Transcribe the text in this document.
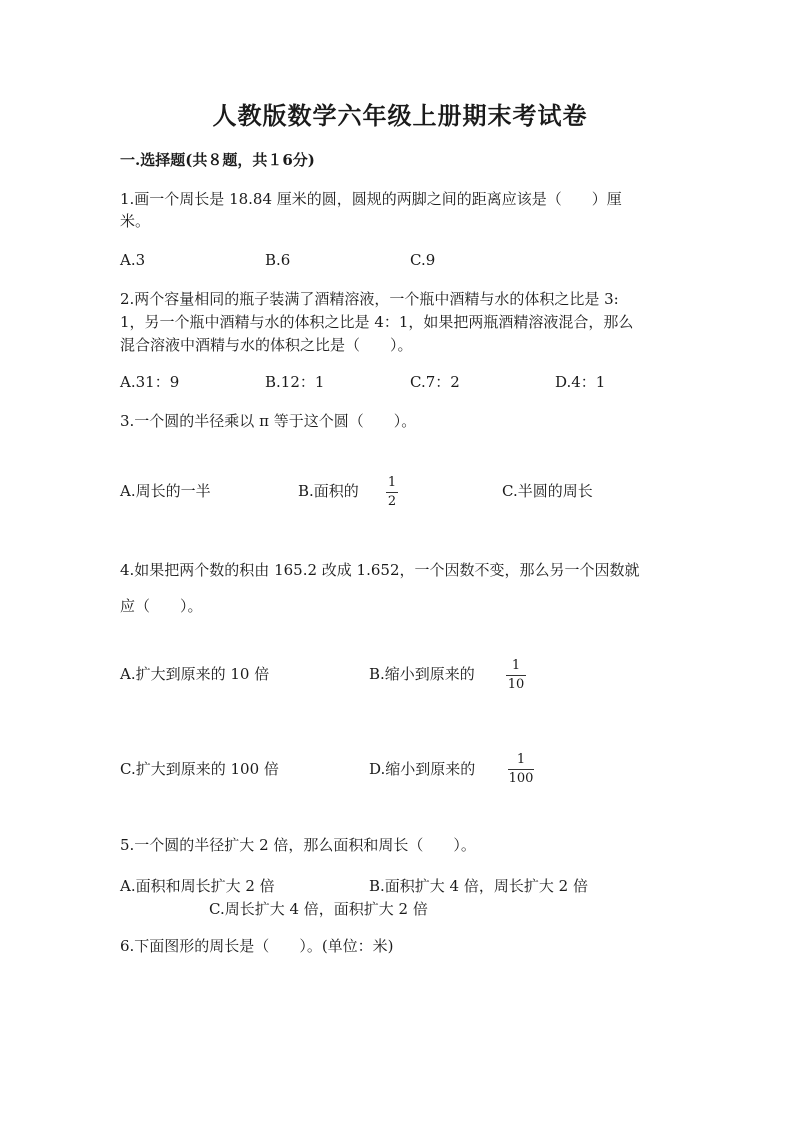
人教版数学六年级上册期末考试卷
一.选择题(共８题，共１6分)
1.画一个周长是 18.84 厘米的圆，圆规的两脚之间的距离应该是（　　）厘
米。
A.3	B.6	C.9
2.两个容量相同的瓶子装满了酒精溶液，一个瓶中酒精与水的体积之比是 3:
1，另一个瓶中酒精与水的体积之比是 4：1，如果把两瓶酒精溶液混合，那么
混合溶液中酒精与水的体积之比是（　　）。
A.31：9	B.12：1	C.7：2	D.4：1
3.一个圆的半径乘以 π 等于这个圆（　　）。
A.周长的一半	B.面积的 1
2
C.半圆的周长
4.如果把两个数的积由 165.2 改成 1.652，一个因数不变，那么另一个因数就
应（　　）。
A.扩大到原来的 10 倍	B.缩小到原来的	1
10
C.扩大到原来的 100 倍	D.缩小到原来的
1
100
5.一个圆的半径扩大 2 倍，那么面积和周长（　　）。
A.面积和周长扩大 2 倍	B.面积扩大 4 倍，周长扩大 2 倍
C.周长扩大 4 倍，面积扩大 2 倍
6.下面图形的周长是（　　）。(单位：米)
